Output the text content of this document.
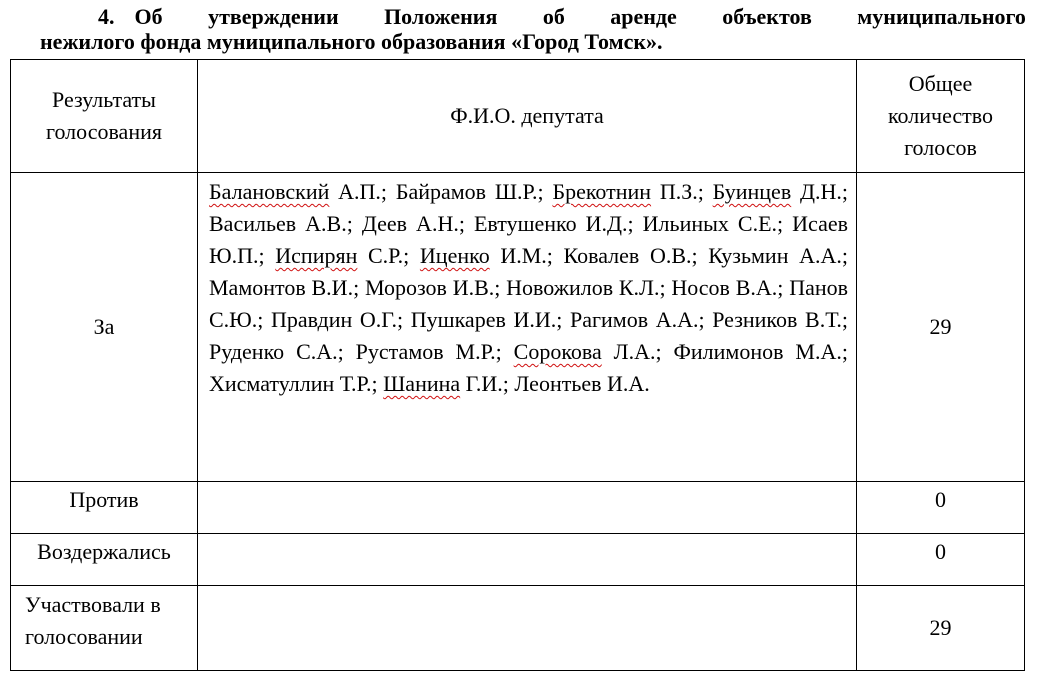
4. Об утверждении Положения об аренде объектов муниципального
нежилого фонда муниципального образования «Город Томск».
Результаты голосования	Ф.И.О. депутата	Общее количество голосов
За	Балановский А.П.; Байрамов Ш.Р.; Брекотнин П.З.; Буинцев Д.Н.; Васильев А.В.; Деев А.Н.; Евтушенко И.Д.; Ильиных С.Е.; Исаев Ю.П.; Испирян С.Р.; Иценко И.М.; Ковалев О.В.; Кузьмин А.А.; Мамонтов В.И.; Морозов И.В.; Новожилов К.Л.; Носов В.А.; Панов С.Ю.; Правдин О.Г.; Пушкарев И.И.; Рагимов А.А.; Резников В.Т.; Руденко С.А.; Рустамов М.Р.; Сорокова Л.А.; Филимонов М.А.; Хисматуллин Т.Р.; Шанина Г.И.; Леонтьев И.А.	29
Против		0
Воздержались		0
Участвовали в голосовании		29
